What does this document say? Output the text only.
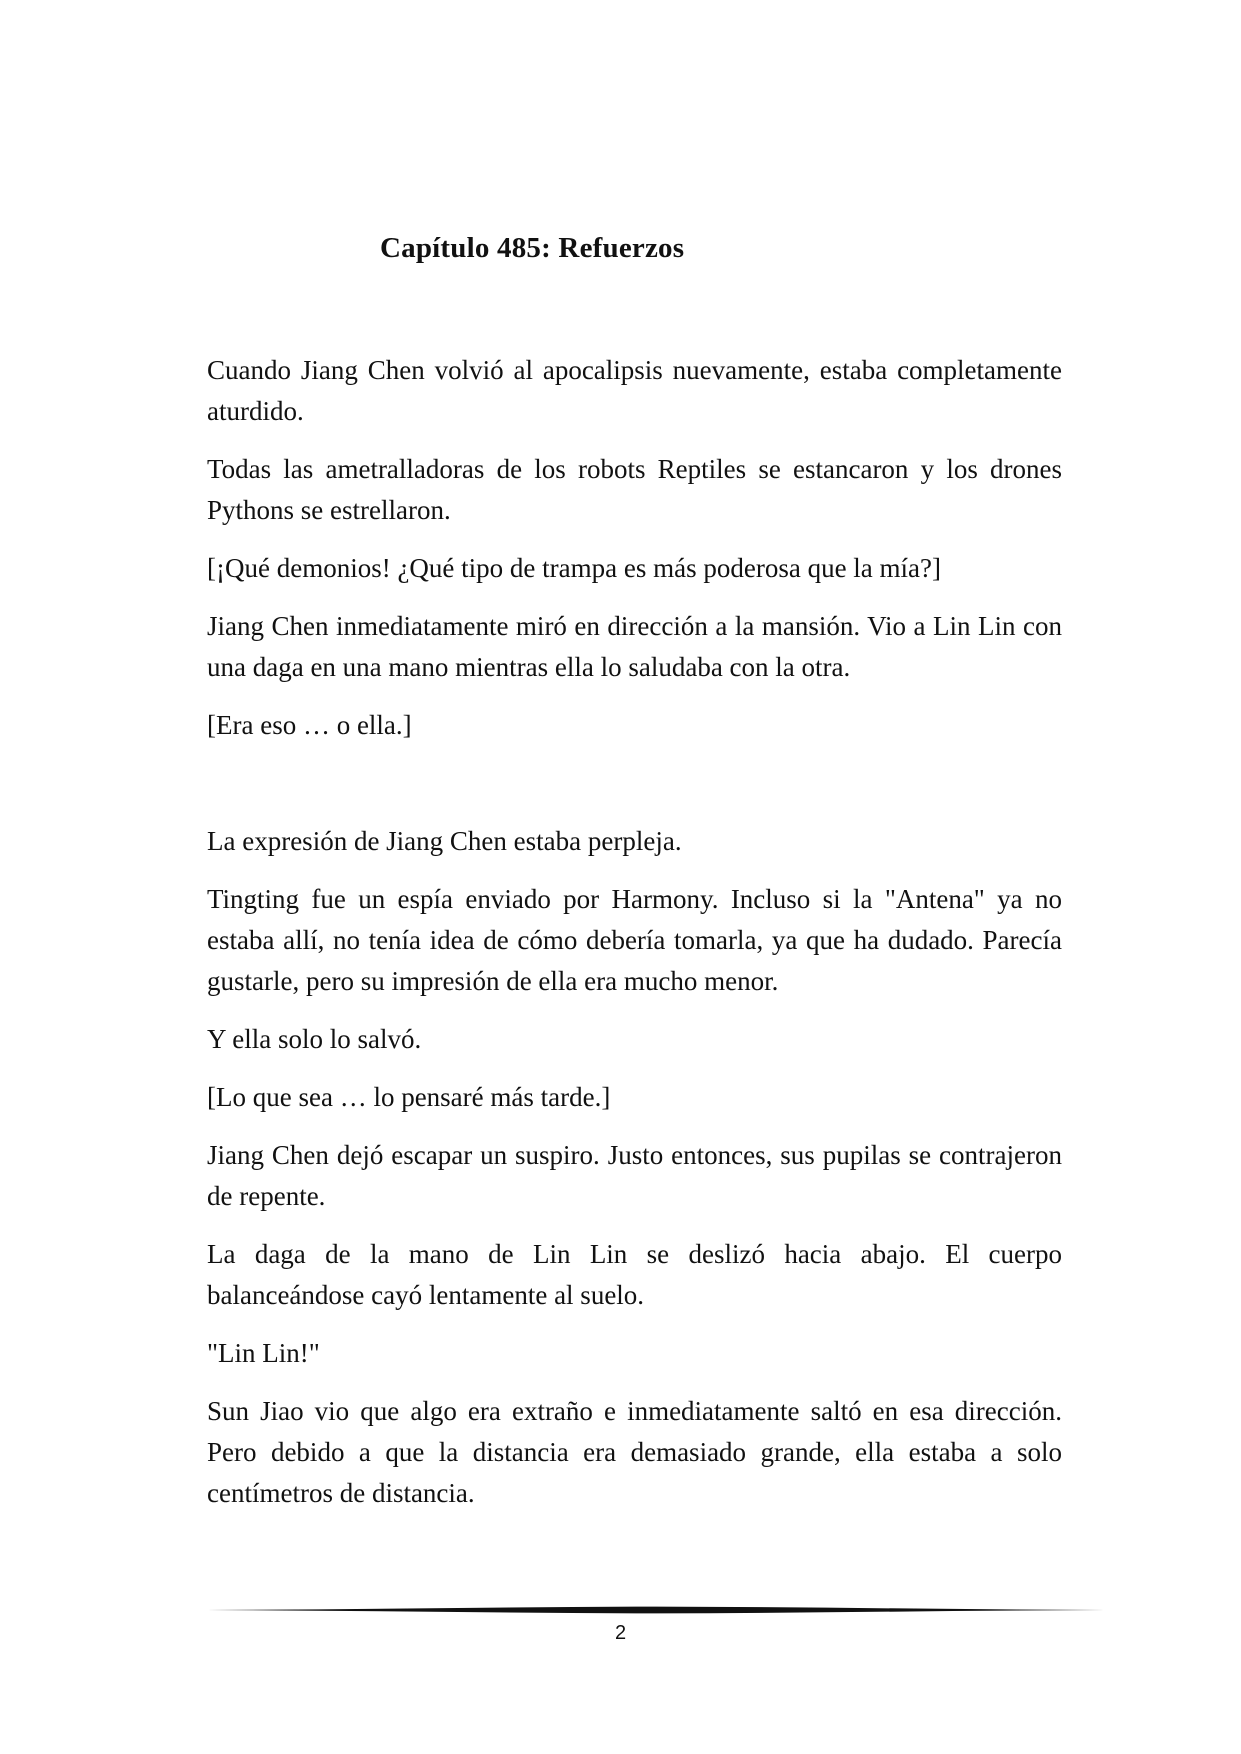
Capítulo 485: Refuerzos

Cuando Jiang Chen volvió al apocalipsis nuevamente, estaba completamente aturdido.

Todas las ametralladoras de los robots Reptiles se estancaron y los drones Pythons se estrellaron.

[¡Qué demonios! ¿Qué tipo de trampa es más poderosa que la mía?]

Jiang Chen inmediatamente miró en dirección a la mansión. Vio a Lin Lin con una daga en una mano mientras ella lo saludaba con la otra.

[Era eso … o ella.]

La expresión de Jiang Chen estaba perpleja.

Tingting fue un espía enviado por Harmony. Incluso si la "Antena" ya no estaba allí, no tenía idea de cómo debería tomarla, ya que ha dudado. Parecía gustarle, pero su impresión de ella era mucho menor.

Y ella solo lo salvó.

[Lo que sea … lo pensaré más tarde.]

Jiang Chen dejó escapar un suspiro. Justo entonces, sus pupilas se contrajeron de repente.

La daga de la mano de Lin Lin se deslizó hacia abajo. El cuerpo balanceándose cayó lentamente al suelo.

"Lin Lin!"

Sun Jiao vio que algo era extraño e inmediatamente saltó en esa dirección. Pero debido a que la distancia era demasiado grande, ella estaba a solo centímetros de distancia.

2
